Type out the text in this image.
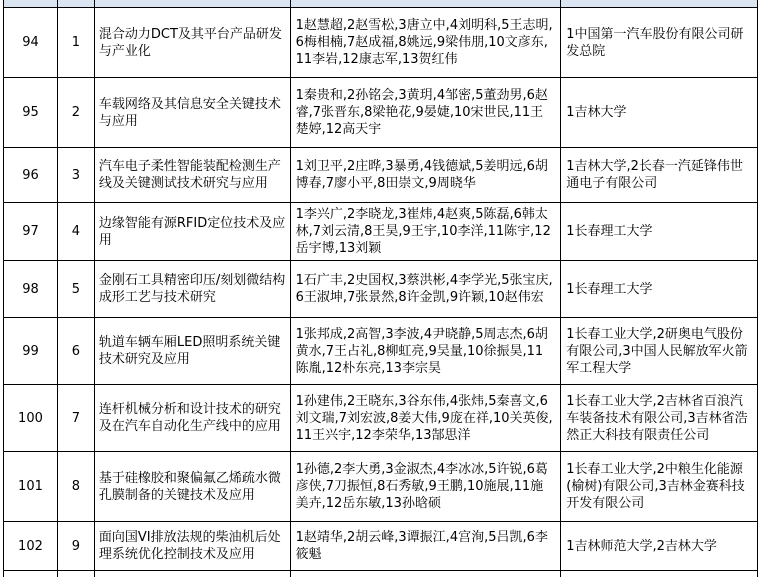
94	1
混合动力DCT及其平台产品研发与产业化
1赵慧超,2赵雪松,3唐立中,4刘明科,5王志明,6梅相楠,7赵成福,8姚远,9梁伟朋,10文彦东,11李岩,12康志军,13贺红伟
1中国第一汽车股份有限公司研发总院
95	2
车载网络及其信息安全关键技术与应用
1秦贵和,2孙铭会,3黄玥,4邹密,5董劲男,6赵睿,7张晋东,8梁艳花,9晏婕,10宋世民,11王楚婷,12高天宇
1吉林大学
96	3
汽车电子柔性智能装配检测生产线及关键测试技术研究与应用
1刘卫平,2庄晔,3暴勇,4钱德斌,5姜明远,6胡博春,7廖小平,8田崇文,9周晓华
1吉林大学,2长春一汽延锋伟世通电子有限公司
97	4
边缘智能有源RFID定位技术及应用
1李兴广,2李晓龙,3崔炜,4赵爽,5陈磊,6韩太林,7刘云清,8王昊,9王宇,10李洋,11陈宇,12岳宇博,13刘颖
1长春理工大学
98	5
金刚石工具精密印压/刻划微结构成形工艺与技术研究
1石广丰,2史国权,3蔡洪彬,4李学光,5张宝庆,6王淑坤,7张景然,8许金凯,9许颖,10赵伟宏
1长春理工大学
99	6
轨道车辆车厢LED照明系统关键技术研究及应用
1张邦成,2高智,3李波,4尹晓静,5周志杰,6胡黄水,7王占礼,8柳虹亮,9吴量,10徐振昊,11陈胤,12朴东亮,13李宗昊
1长春工业大学,2研奥电气股份有限公司,3中国人民解放军火箭军工程大学
100	7
连杆机械分析和设计技术的研究及在汽车自动化生产线中的应用
1孙建伟,2王晓东,3谷东伟,4张炜,5秦喜文,6刘文瑞,7刘宏波,8姜大伟,9庞在祥,10关英俊,11王兴宇,12李荣华,13郜思洋
1长春工业大学,2吉林省百浪汽车装备技术有限公司,3吉林省浩然正大科技有限责任公司
101	8
基于硅橡胶和聚偏氟乙烯疏水微孔膜制备的关键技术及应用
1孙德,2李大勇,3金淑杰,4李冰冰,5许锐,6葛彦侠,7刀振恒,8石秀敏,9王鹏,10施展,11施美卉,12岳东敏,13孙晗硕
1长春工业大学,2中粮生化能源(榆树)有限公司,3吉林金赛科技开发有限公司
102	9
面向国VI排放法规的柴油机后处理系统优化控制技术及应用
1赵靖华,2胡云峰,3谭振江,4宫洵,5吕凯,6李筱魁
1吉林师范大学,2吉林大学
